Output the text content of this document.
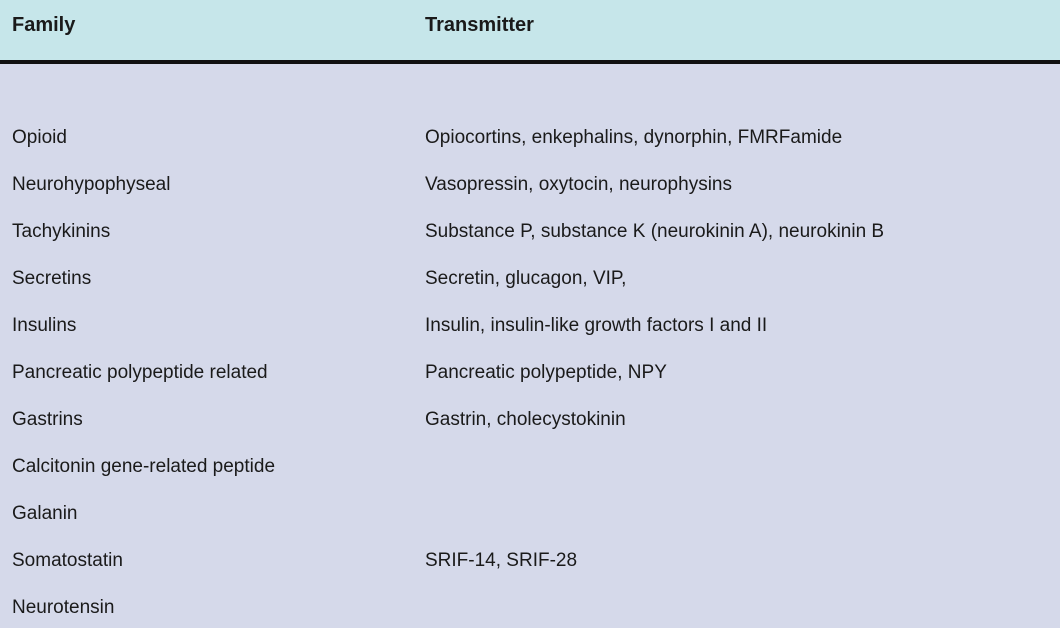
Family	Transmitter
Opioid	Opiocortins, enkephalins, dynorphin, FMRFamide
Neurohypophyseal	Vasopressin, oxytocin, neurophysins
Tachykinins	Substance P, substance K (neurokinin A), neurokinin B
Secretins	Secretin, glucagon, VIP,
Insulins	Insulin, insulin-like growth factors I and II
Pancreatic polypeptide related	Pancreatic polypeptide, NPY
Gastrins	Gastrin, cholecystokinin
Calcitonin gene-related peptide
Galanin
Somatostatin	SRIF-14, SRIF-28
Neurotensin
